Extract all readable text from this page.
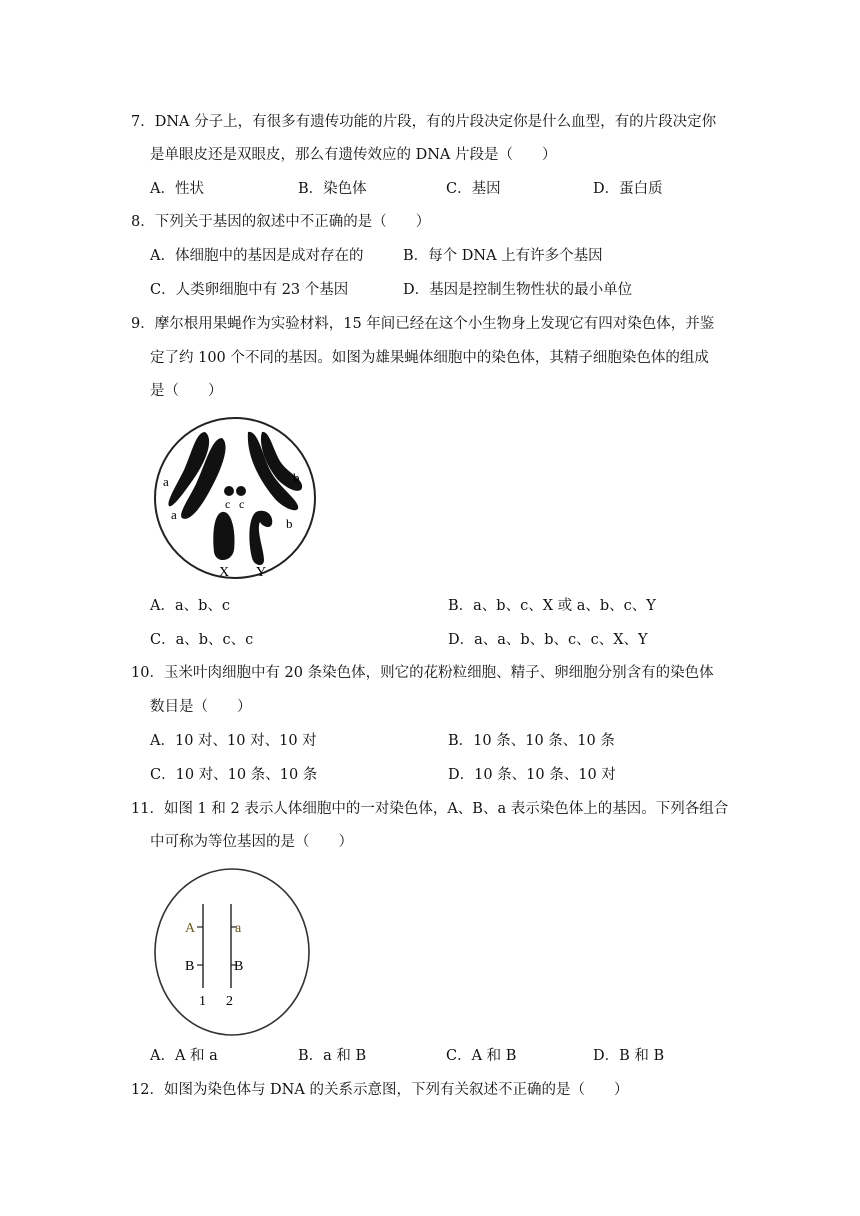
7．DNA 分子上，有很多有遗传功能的片段，有的片段决定你是什么血型，有的片段决定你
是单眼皮还是双眼皮，那么有遗传效应的 DNA 片段是（　　）
A．性状	B．染色体	C．基因	D．蛋白质
8．下列关于基因的叙述中不正确的是（　　）
A．体细胞中的基因是成对存在的	B．每个 DNA 上有许多个基因
C．人类卵细胞中有 23 个基因	D．基因是控制生物性状的最小单位
9．摩尔根用果蝇作为实验材料，15 年间已经在这个小生物身上发现它有四对染色体，并鉴
定了约 100 个不同的基因。如图为雄果蝇体细胞中的染色体，其精子细胞染色体的组成
是（　　）
a
a
b
b
c c
X Y
A．a、b、c	B．a、b、c、X 或 a、b、c、Y
C．a、b、c、c	D．a、a、b、b、c、c、X、Y
10．玉米叶肉细胞中有 20 条染色体，则它的花粉粒细胞、精子、卵细胞分别含有的染色体
数目是（　　）
A．10 对、10 对、10 对	B．10 条、10 条、10 条
C．10 对、10 条、10 条	D．10 条、10 条、10 对
11．如图 1 和 2 表示人体细胞中的一对染色体，A、B、a 表示染色体上的基因。下列各组合
中可称为等位基因的是（　　）
A
B
a
B
1 2
A．A 和 a	B．a 和 B	C．A 和 B	D．B 和 B
12．如图为染色体与 DNA 的关系示意图，下列有关叙述不正确的是（　　）
